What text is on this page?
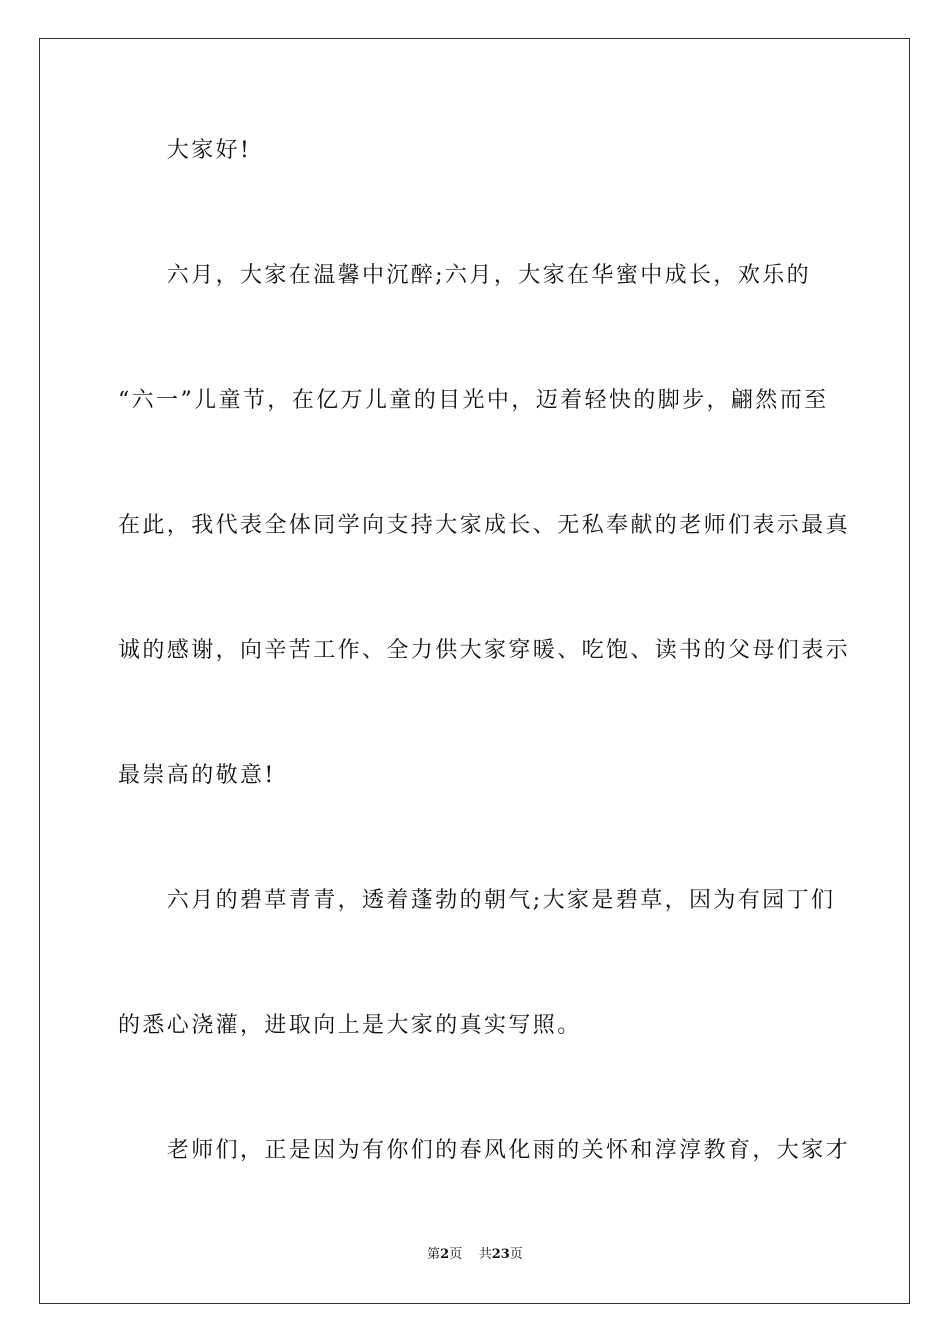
　　大家好!
　　六月，大家在温馨中沉醉;六月，大家在华蜜中成长，欢乐的
“六一”儿童节，在亿万儿童的目光中，迈着轻快的脚步，翩然而至
在此，我代表全体同学向支持大家成长、无私奉献的老师们表示最真
诚的感谢，向辛苦工作、全力供大家穿暖、吃饱、读书的父母们表示
最崇高的敬意!
　　六月的碧草青青，透着蓬勃的朝气;大家是碧草，因为有园丁们
的悉心浇灌，进取向上是大家的真实写照。
　　老师们，正是因为有你们的春风化雨的关怀和淳淳教育，大家才
第2页 共23页
